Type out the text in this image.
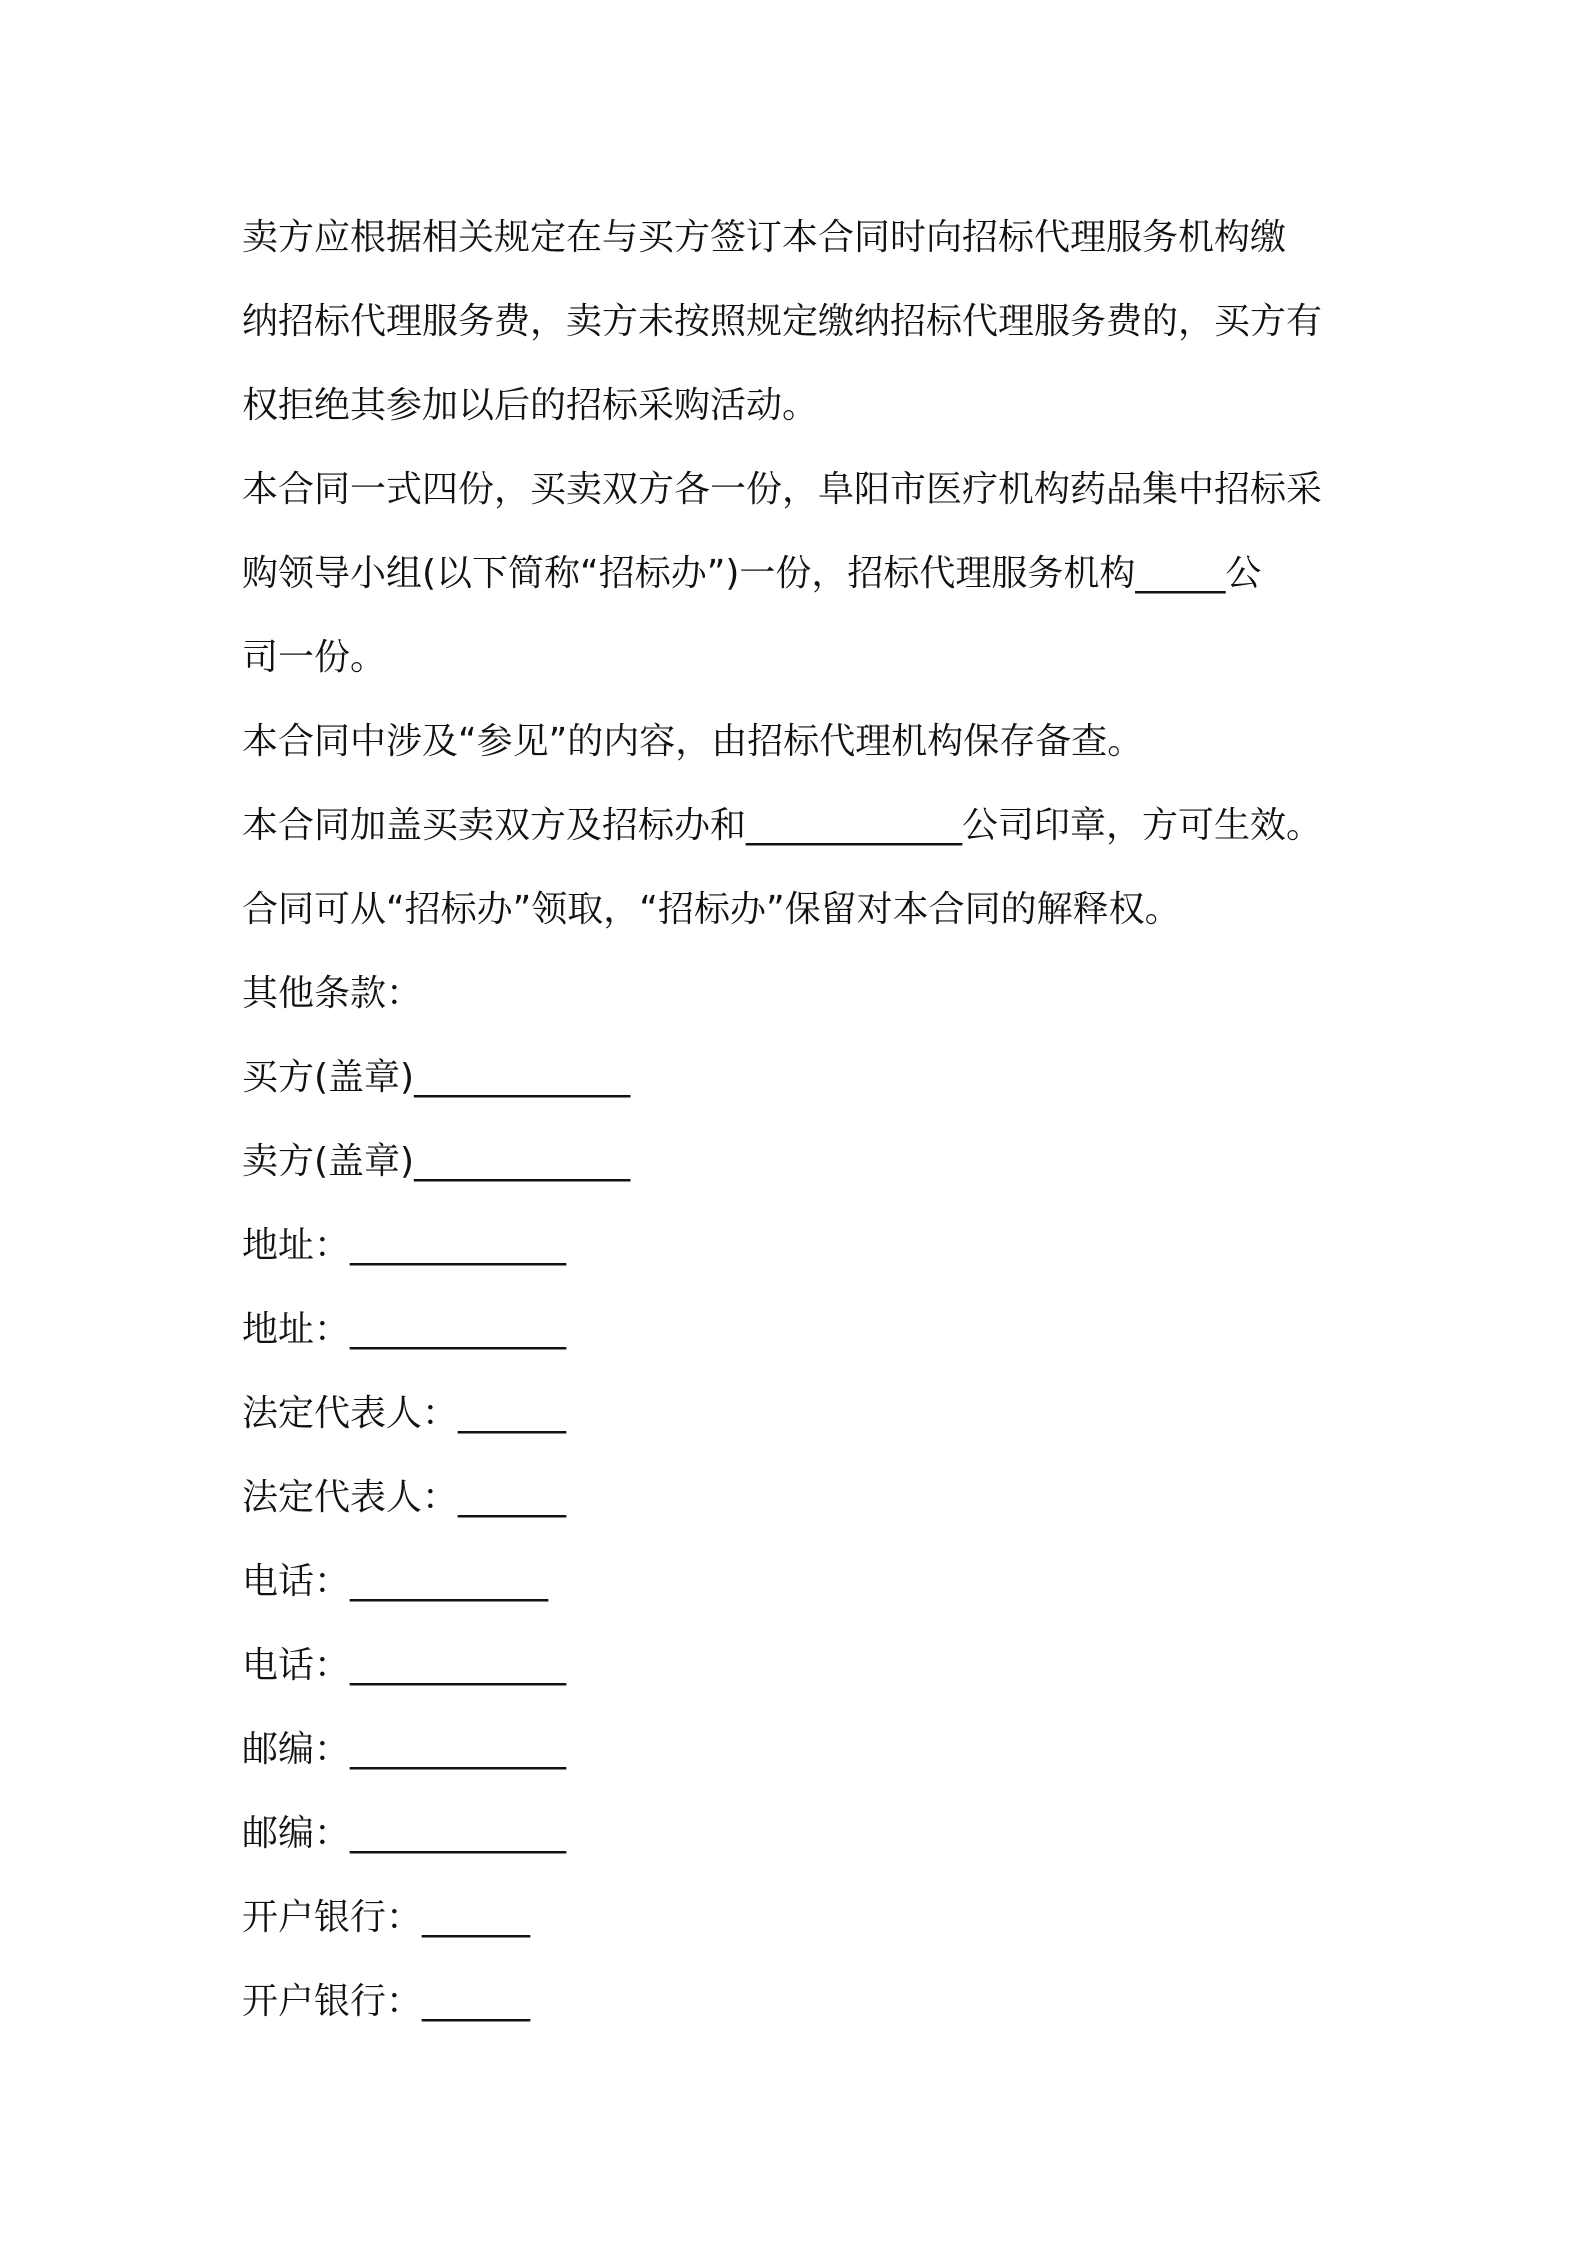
卖方应根据相关规定在与买方签订本合同时向招标代理服务机构缴
纳招标代理服务费，卖方未按照规定缴纳招标代理服务费的，买方有
权拒绝其参加以后的招标采购活动。
本合同一式四份，买卖双方各一份，阜阳市医疗机构药品集中招标采
购领导小组(以下简称“招标办”)一份，招标代理服务机构_____公
司一份。
本合同中涉及“参见”的内容，由招标代理机构保存备查。
本合同加盖买卖双方及招标办和____________公司印章，方可生效。
合同可从“招标办”领取，“招标办”保留对本合同的解释权。
其他条款：
买方(盖章)____________
卖方(盖章)____________
地址：____________
地址：____________
法定代表人：______
法定代表人：______
电话：___________
电话：____________
邮编：____________
邮编：____________
开户银行：______
开户银行：______
